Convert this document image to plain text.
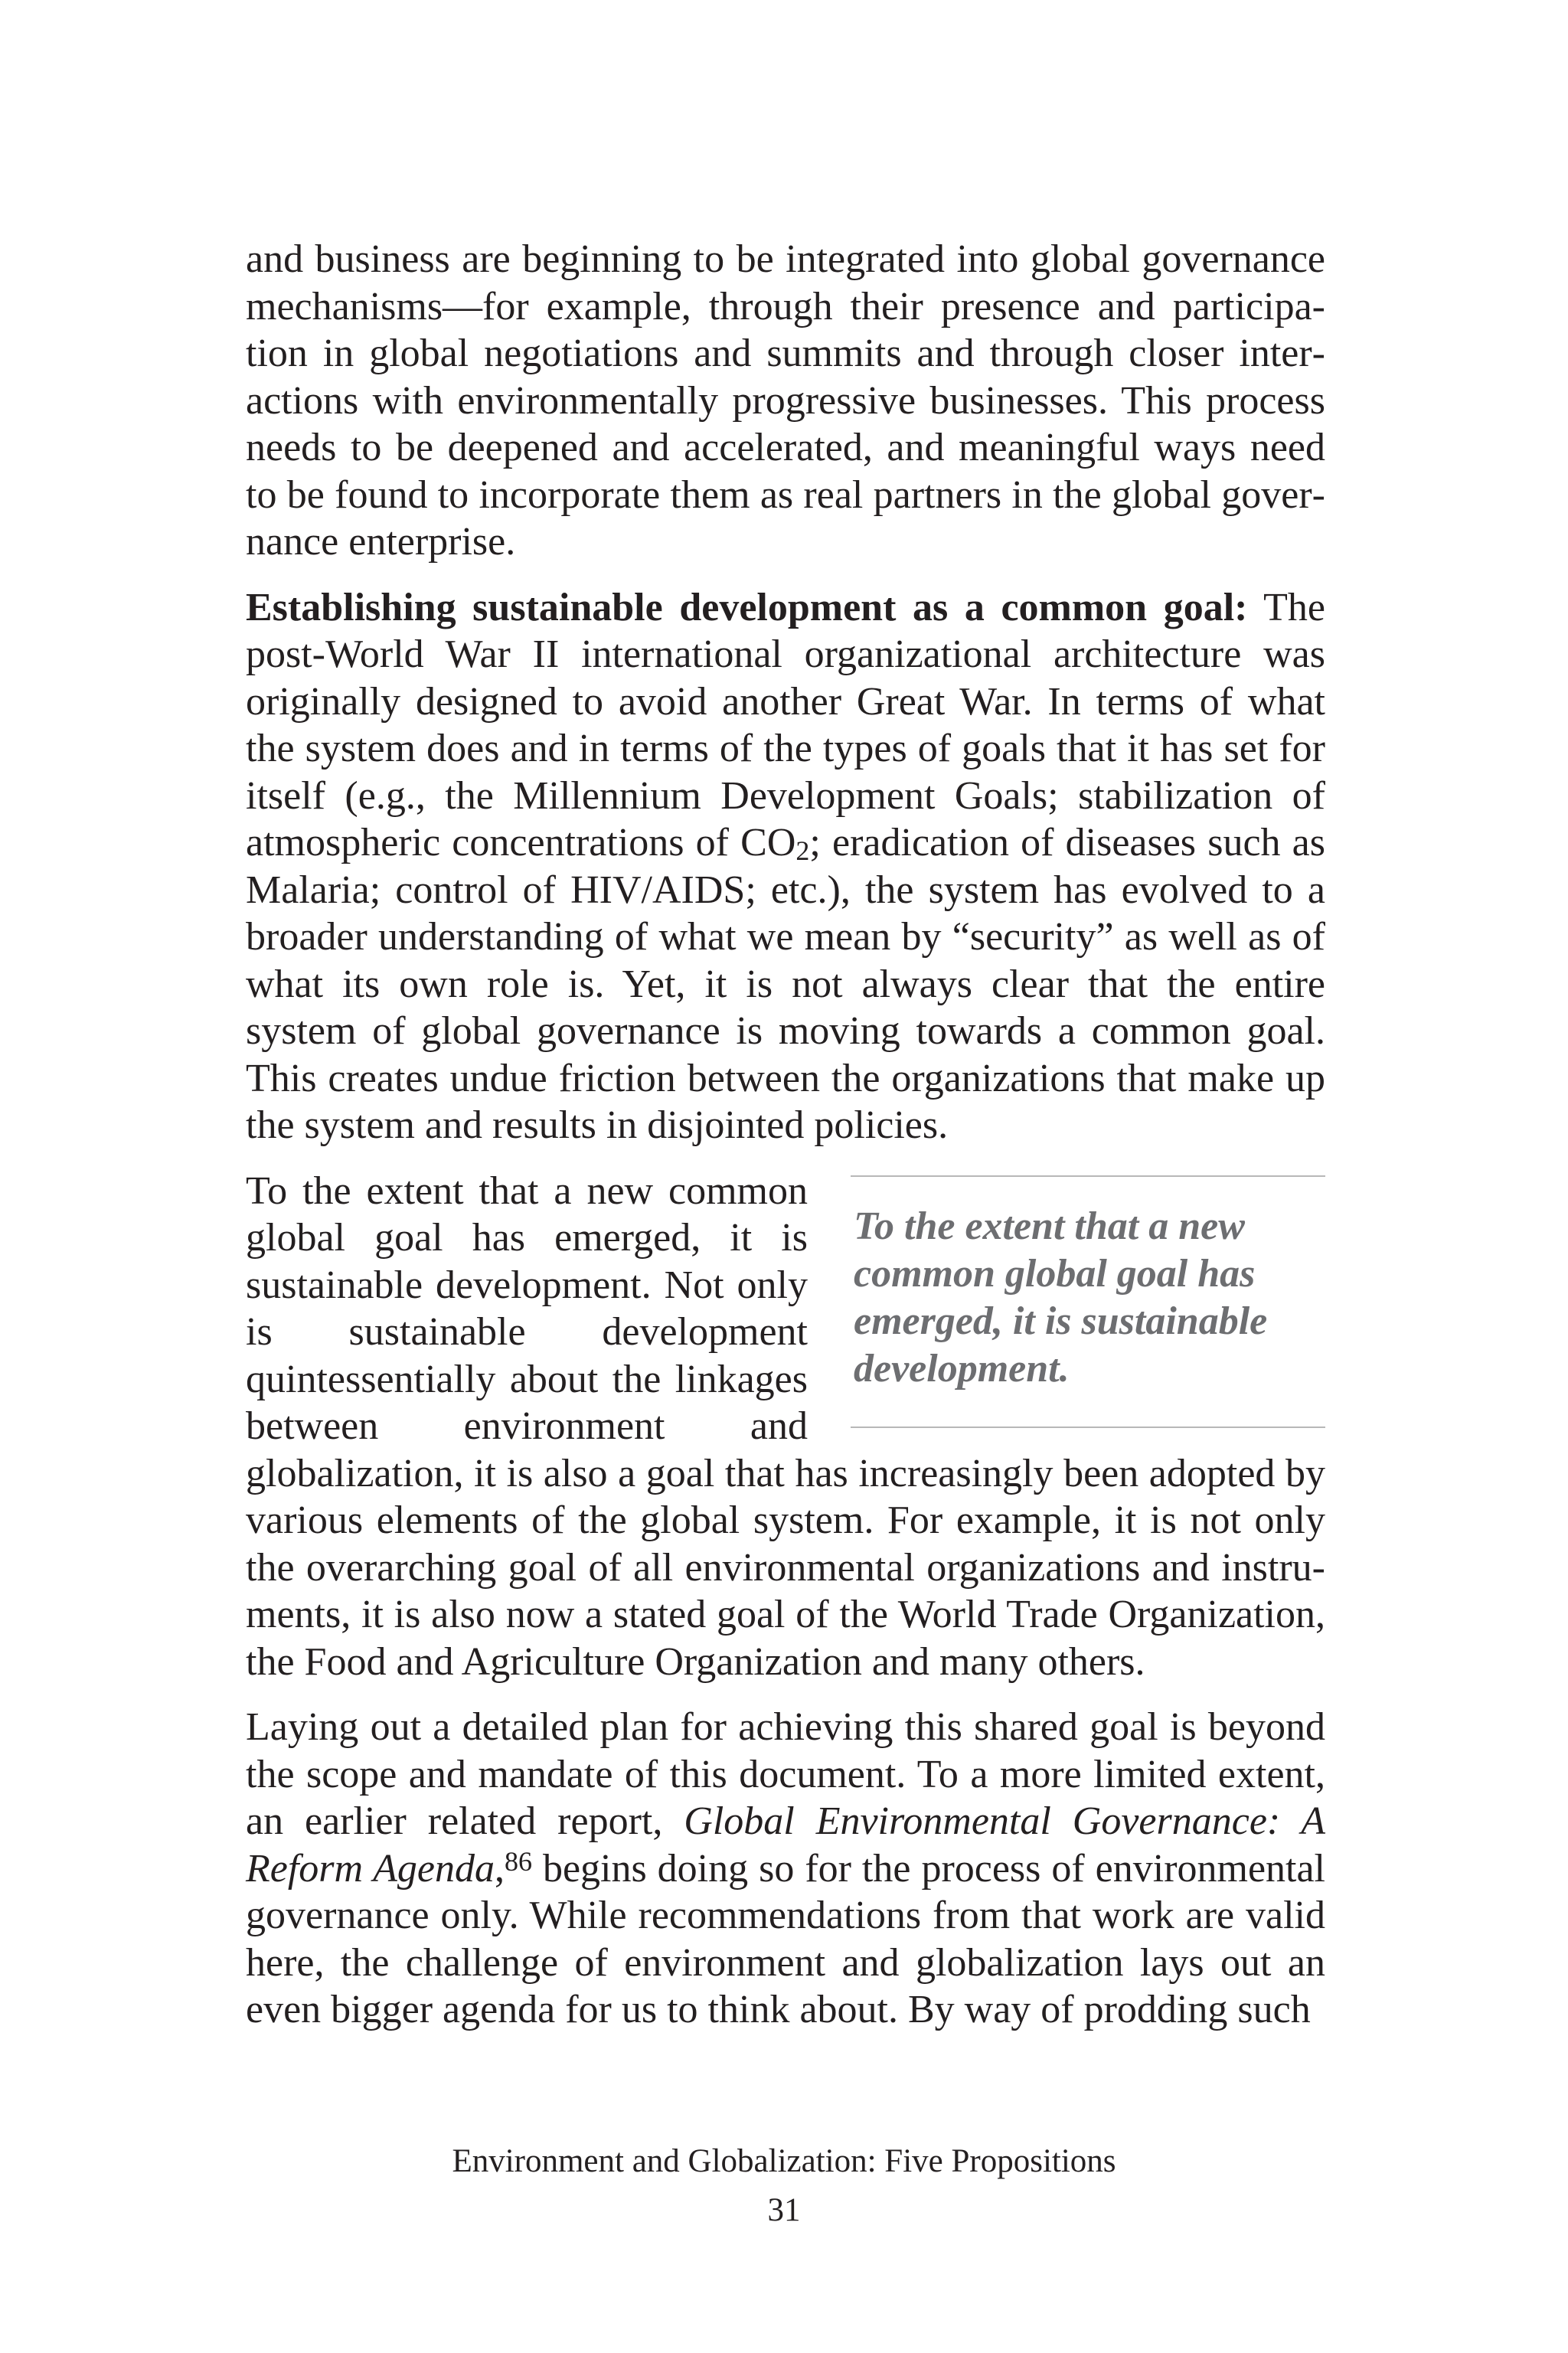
and business are beginning to be integrated into global governance mechanisms—for example, through their presence and participation in global negotiations and summits and through closer interactions with environmentally progressive businesses. This process needs to be deepened and accelerated, and meaningful ways need to be found to incorporate them as real partners in the global governance enterprise.

Establishing sustainable development as a common goal: The post-World War II international organizational architecture was originally designed to avoid another Great War. In terms of what the system does and in terms of the types of goals that it has set for itself (e.g., the Millennium Development Goals; stabilization of atmospheric concentrations of $CO_2$; eradication of diseases such as Malaria; control of HIV/AIDS; etc.), the system has evolved to a broader understanding of what we mean by “security” as well as of what its own role is. Yet, it is not always clear that the entire system of global governance is moving towards a common goal. This creates undue friction between the organizations that make up the system and results in disjointed policies.

To the extent that a new common global goal has emerged, it is sustainable development.

To the extent that a new common global goal has emerged, it is sustainable development. Not only is sustainable development quintessentially about the linkages between environment and globalization, it is also a goal that has increasingly been adopted by various elements of the global system. For example, it is not only the overarching goal of all environmental organizations and instruments, it is also now a stated goal of the World Trade Organization, the Food and Agriculture Organization and many others.

Laying out a detailed plan for achieving this shared goal is beyond the scope and mandate of this document. To a more limited extent, an earlier related report, Global Environmental Governance: A Reform Agenda,$^{86}$ begins doing so for the process of environmental governance only. While recommendations from that work are valid here, the challenge of environment and globalization lays out an even bigger agenda for us to think about. By way of prodding such

Environment and Globalization: Five Propositions
31
